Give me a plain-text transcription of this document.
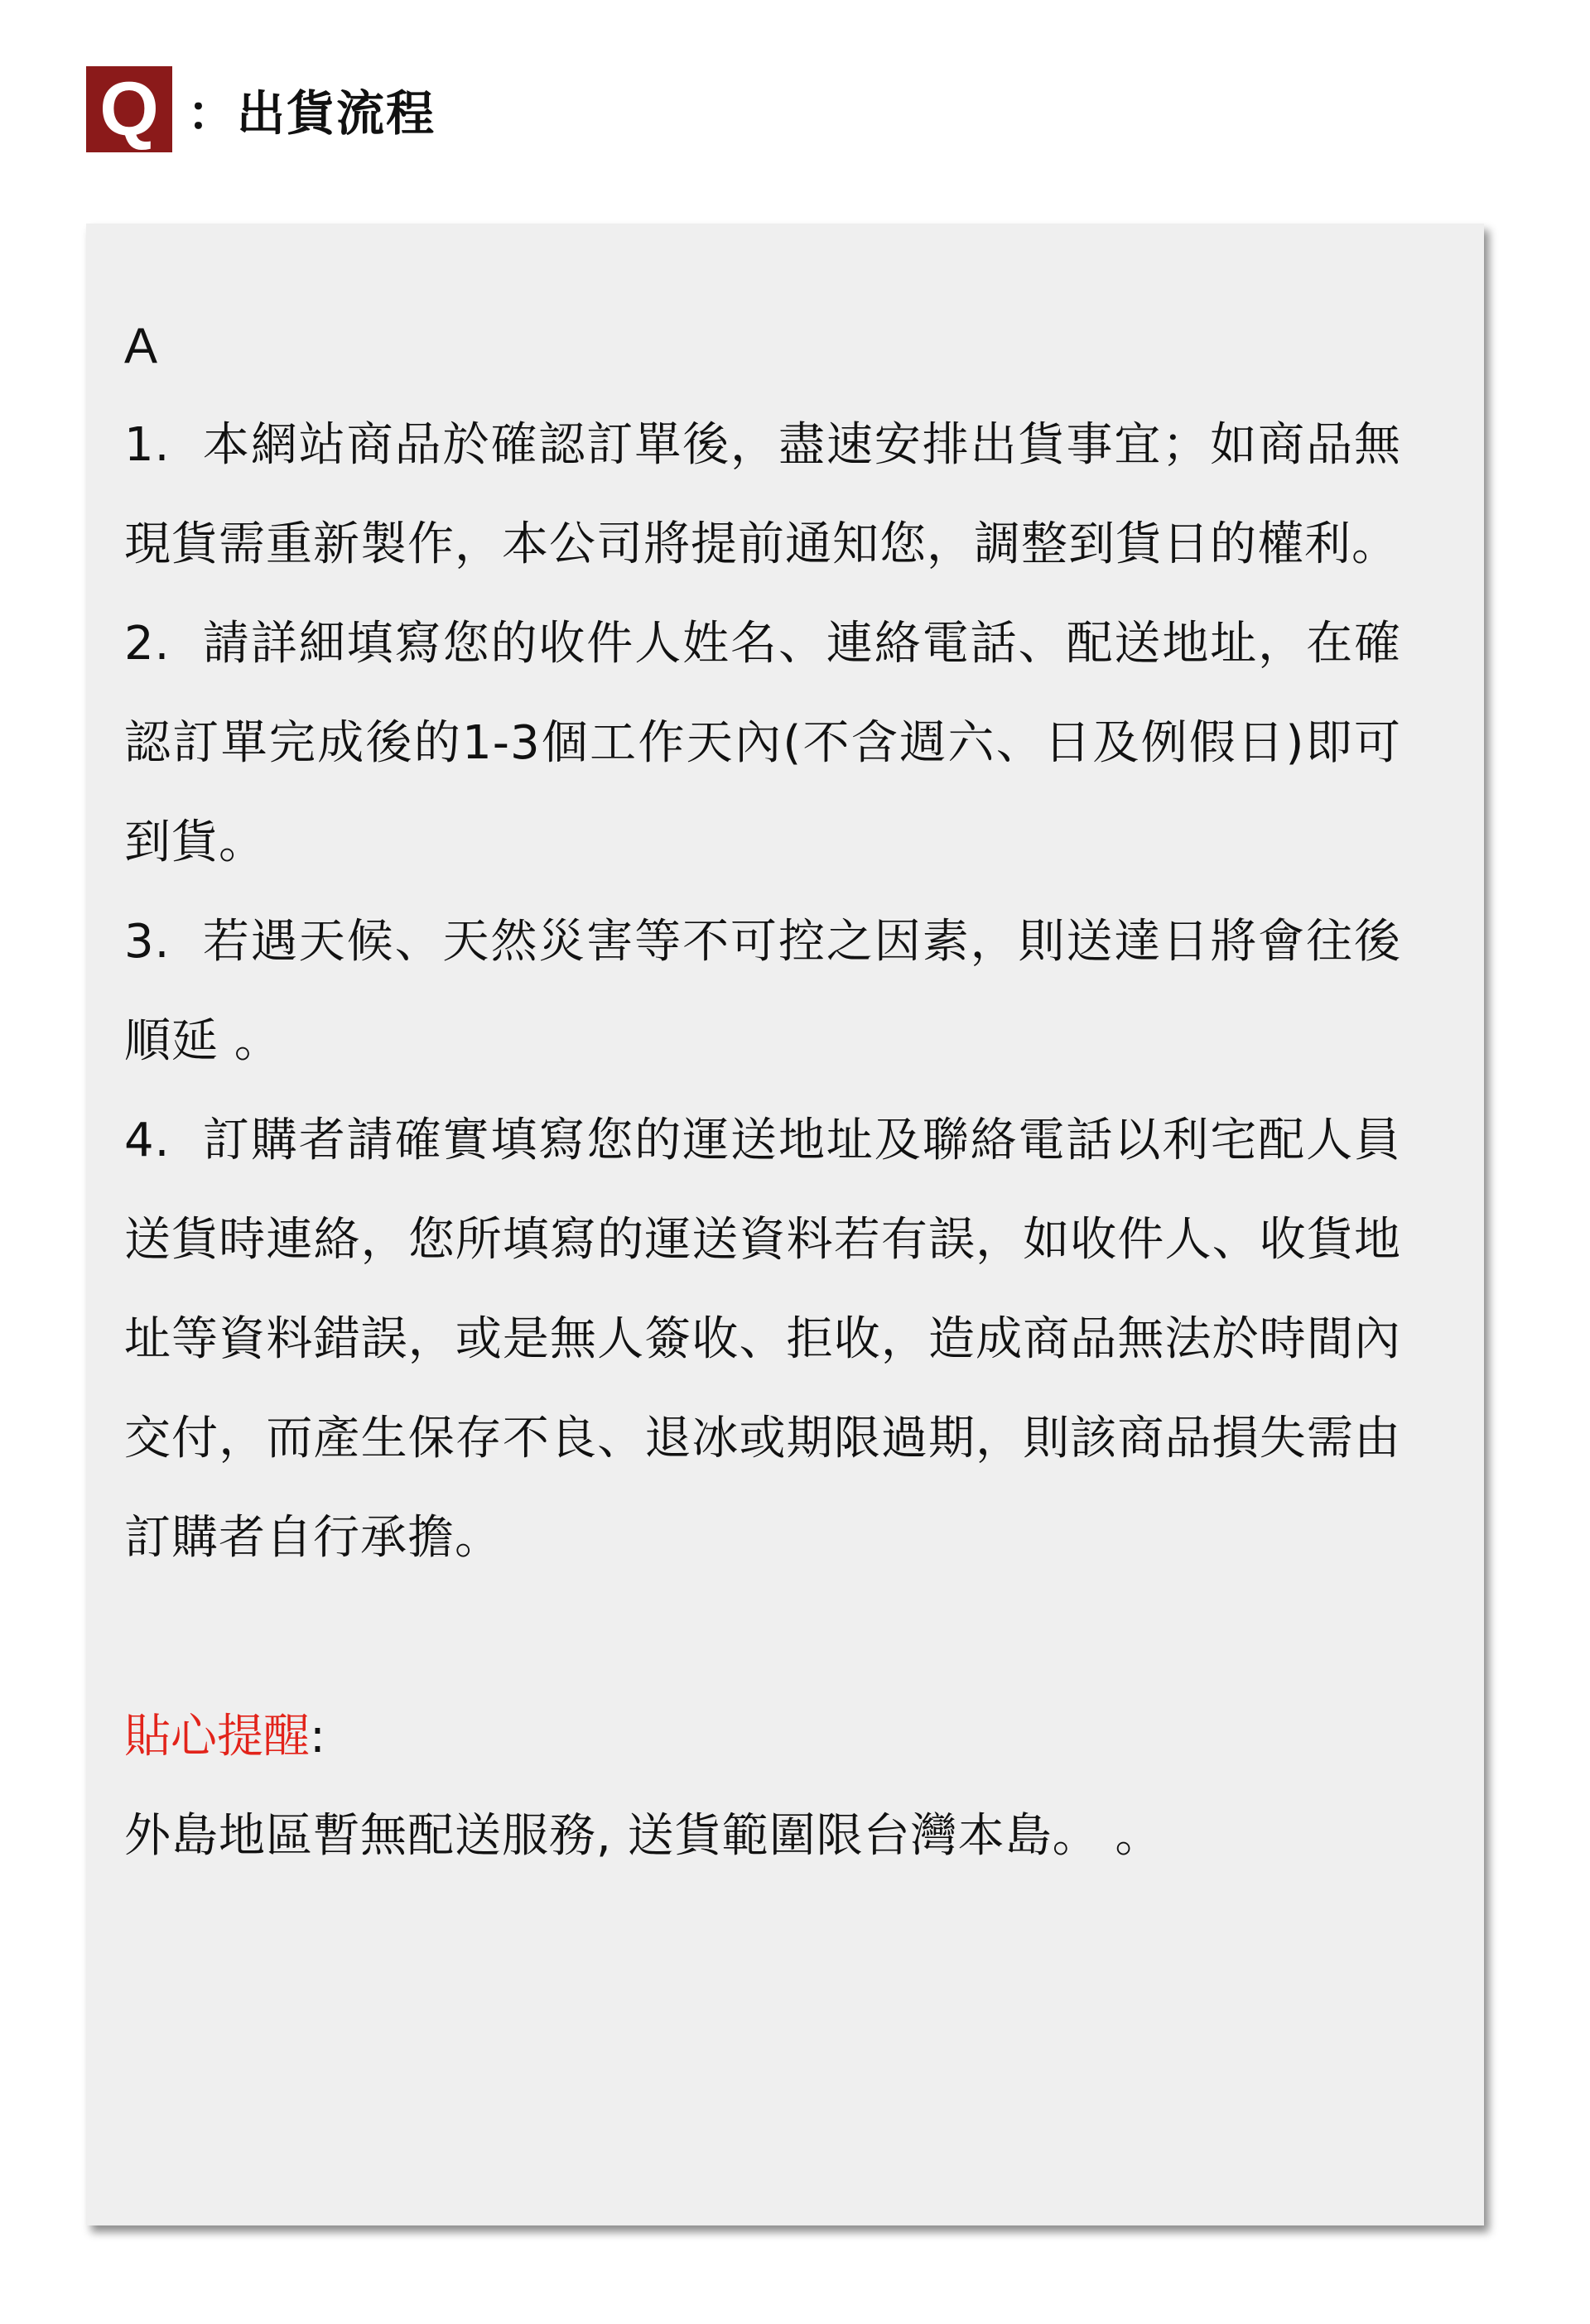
Q ：出貨流程

A

1. 本網站商品於確認訂單後，盡速安排出貨事宜；如商品無現貨需重新製作，本公司將提前通知您，調整到貨日的權利。
2. 請詳細填寫您的收件人姓名、連絡電話、配送地址，在確認訂單完成後的1-3個工作天內(不含週六、日及例假日)即可到貨。
3. 若遇天候、天然災害等不可控之因素，則送達日將會往後順延 。
4. 訂購者請確實填寫您的運送地址及聯絡電話以利宅配人員送貨時連絡，您所填寫的運送資料若有誤，如收件人、收貨地址等資料錯誤，或是無人簽收、拒收，造成商品無法於時間內交付，而產生保存不良、退冰或期限過期，則該商品損失需由訂購者自行承擔。
貼心提醒:
外島地區暫無配送服務, 送貨範圍限台灣本島。 。
